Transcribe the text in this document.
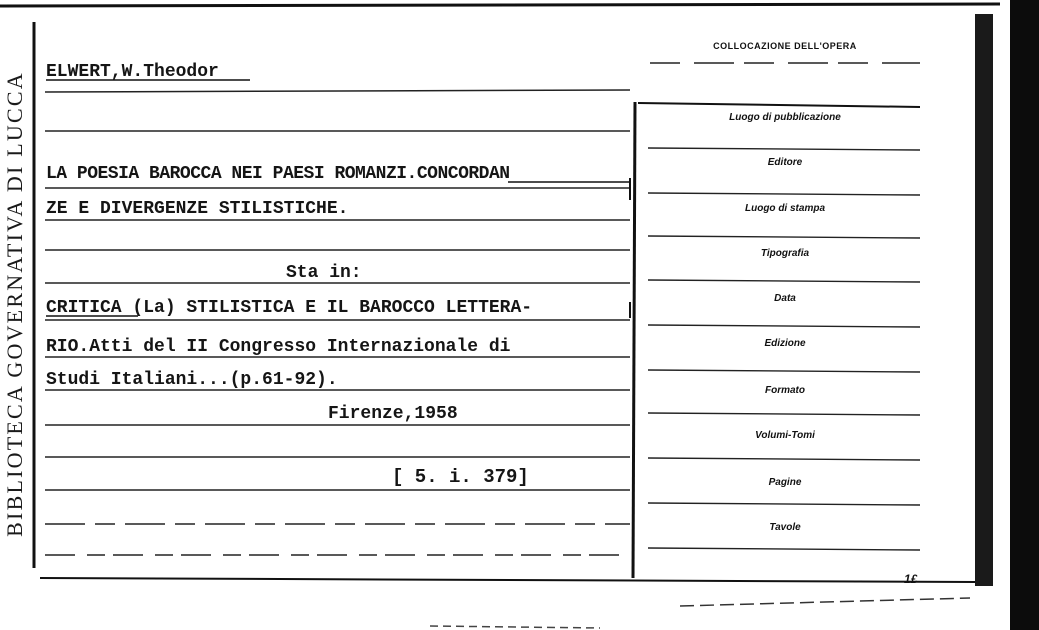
BIBLIOTECA GOVERNATIVA DI LUCCA ELWERT,W.Theodor
LA POESIA BAROCCA NEI PAESI ROMANZI.CONCORDAN
ZE E DIVERGENZE STILISTICHE.
Sta in:
CRITICA (La) STILISTICA E IL BAROCCO LETTERA-
RIO.Atti del II Congresso Internazionale di
Studi Italiani...(p.61-92).
Firenze,1958
[ 5. i. 379]
COLLOCAZIONE DELL'OPERA
Luogo di pubblicazione
Editore
Luogo di stampa
Tipografia
Data
Edizione
Formato
Volumi-Tomi
Pagine
Tavole
1£
